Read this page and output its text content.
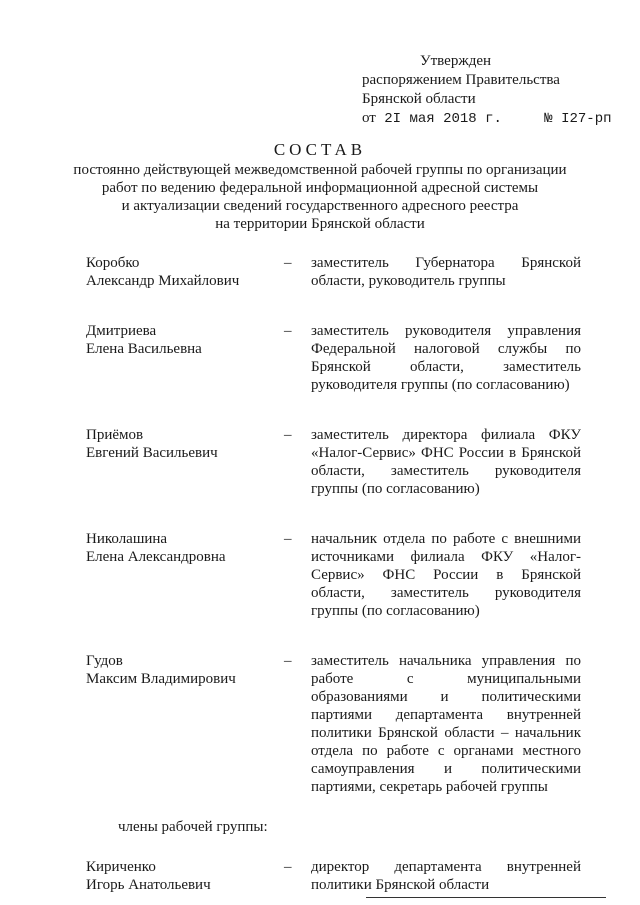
Утвержден
распоряжением Правительства
Брянской области
от 2I мая 2018 г.	№ I27-рп
СОСТАВ
постоянно действующей межведомственной рабочей группы по организации
работ по ведению федеральной информационной адресной системы
и актуализации сведений государственного адресного реестра
на территории Брянской области
Коробко
Александр Михайлович
–	заместитель Губернатора Брянской области, руководитель группы
Дмитриева
Елена Васильевна
–	заместитель руководителя управления Федеральной налоговой службы по Брянской области, заместитель руководителя группы (по согласованию)
Приёмов
Евгений Васильевич
–	заместитель директора филиала ФКУ «Налог-Сервис» ФНС России в Брянской области, заместитель руководителя группы (по согласованию)
Николашина
Елена Александровна
–	начальник отдела по работе с внешними источниками филиала ФКУ «Налог-Сервис» ФНС России в Брянской области, заместитель руководителя группы (по согласованию)
Гудов
Максим Владимирович
–	заместитель начальника управления по работе с муниципальными образованиями и политическими партиями департамента внутренней политики Брянской области – начальник отдела по работе с органами местного самоуправления и политическими партиями, секретарь рабочей группы
члены рабочей группы:
Кириченко
Игорь Анатольевич
–	директор департамента внутренней политики Брянской области
